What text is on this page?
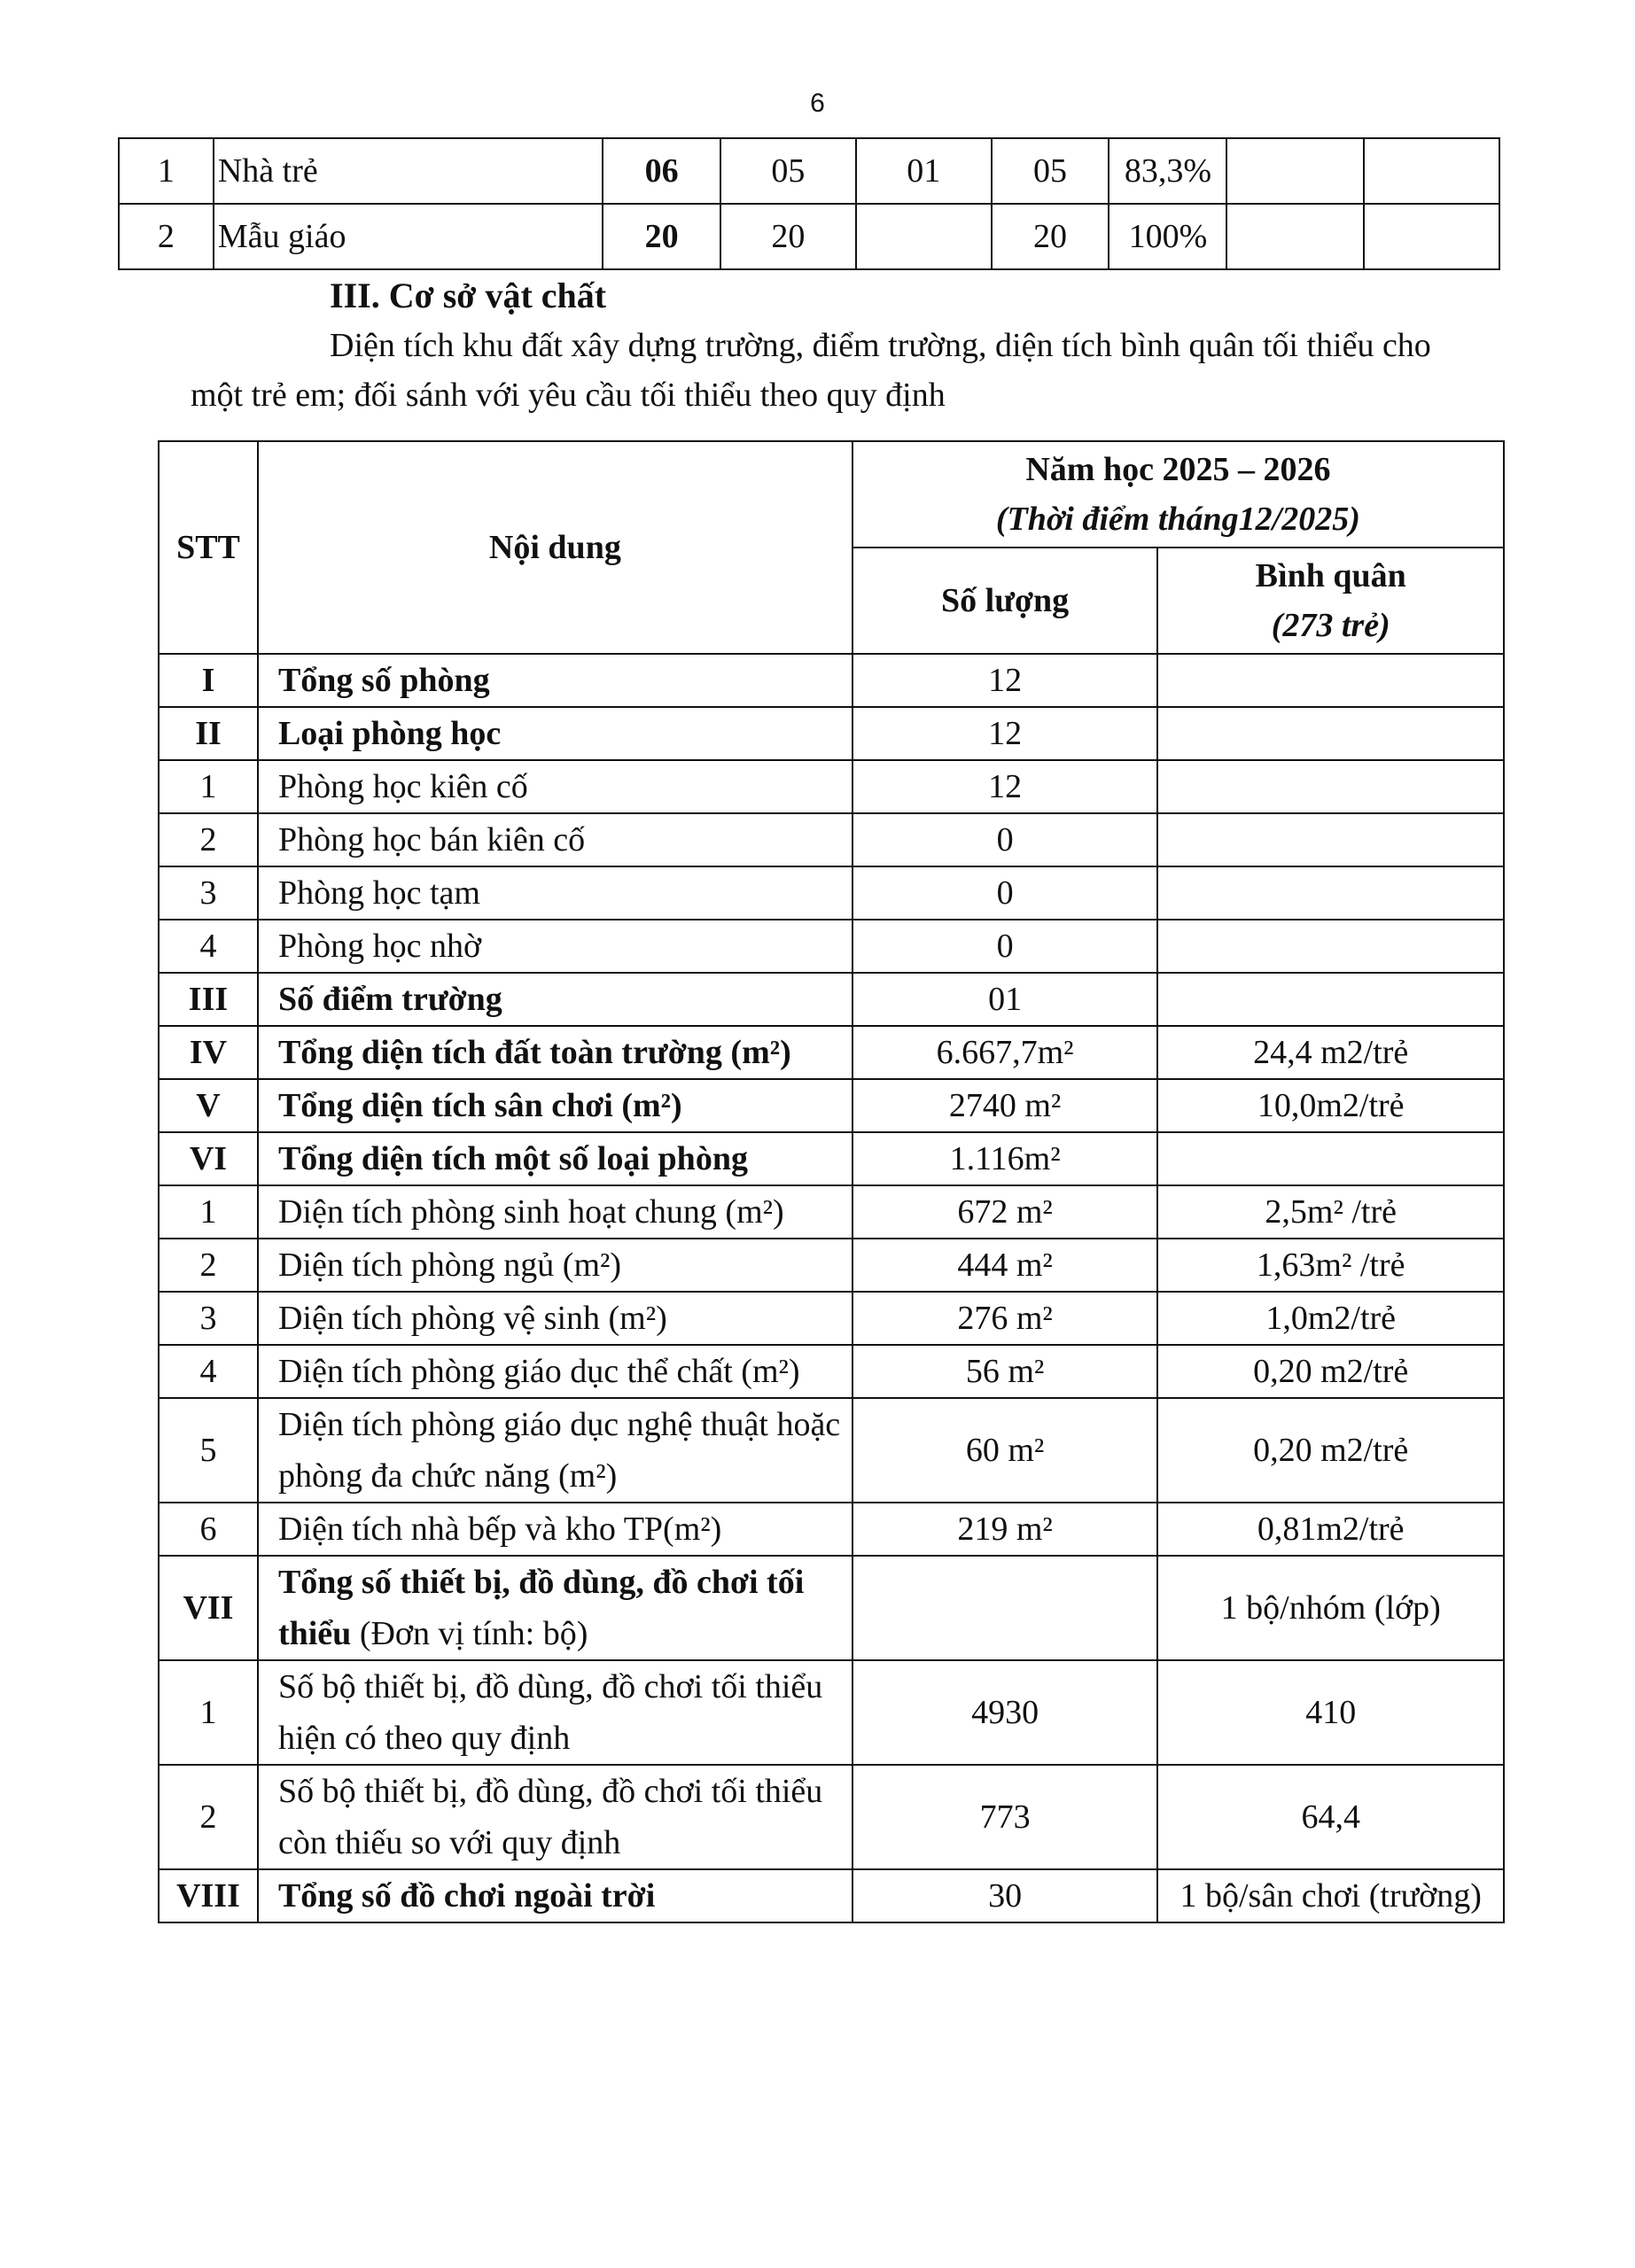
6
1	Nhà trẻ	06	05	01	05	83,3%		
2	Mẫu giáo	20	20		20	100%		
III. Cơ sở vật chất
Diện tích khu đất xây dựng trường, điểm trường, diện tích bình quân tối thiểu cho một trẻ em; đối sánh với yêu cầu tối thiểu theo quy định
STT	Nội dung	Năm học 2025 – 2026
(Thời điểm tháng12/2025)	

		Số lượng	Bình quân
(273 trẻ)

I	Tổng số phòng	12	
II	Loại phòng học	12	
1	Phòng học kiên cố	12	
2	Phòng học bán kiên cố	0	
3	Phòng học tạm	0	
4	Phòng học nhờ	0	
III	Số điểm trường	01	
IV	Tổng diện tích đất toàn trường (m²)	6.667,7m²	24,4 m2/trẻ
V	Tổng diện tích sân chơi (m²)	2740 m²	10,0m2/trẻ
VI	Tổng diện tích một số loại phòng	1.116m²	
1	Diện tích phòng sinh hoạt chung (m²)	672 m²	2,5m² /trẻ
2	Diện tích phòng ngủ (m²)	444 m²	1,63m² /trẻ
3	Diện tích phòng vệ sinh (m²)	276 m²	1,0m2/trẻ
4	Diện tích phòng giáo dục thể chất (m²)	56 m²	0,20 m2/trẻ
5	Diện tích phòng giáo dục nghệ thuật hoặc phòng đa chức năng (m²)	60 m²	0,20 m2/trẻ
6	Diện tích nhà bếp và kho TP(m²)	219 m²	0,81m2/trẻ
VII	Tổng số thiết bị, đồ dùng, đồ chơi tối thiểu (Đơn vị tính: bộ)		1 bộ/nhóm (lớp)
1	Số bộ thiết bị, đồ dùng, đồ chơi tối thiểu hiện có theo quy định	4930	410
2	Số bộ thiết bị, đồ dùng, đồ chơi tối thiểu còn thiếu so với quy định	773	64,4
VIII	Tổng số đồ chơi ngoài trời	30	1 bộ/sân chơi (trường)
